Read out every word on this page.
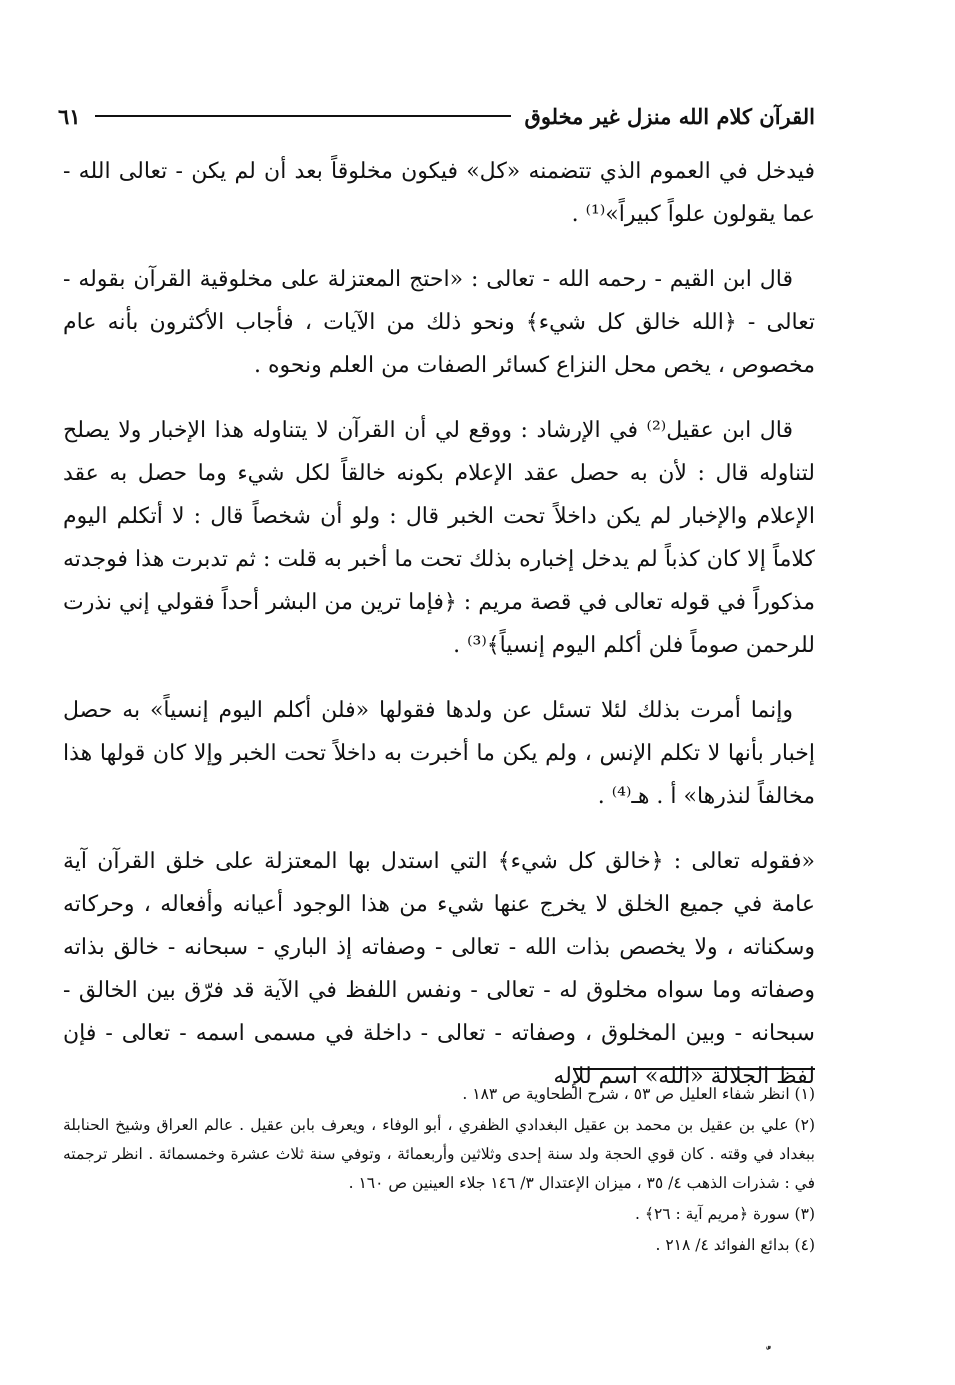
القرآن كلام الله منزل غير مخلوق
٦١

فيدخل في العموم الذي تتضمنه «كل» فيكون مخلوقاً بعد أن لم يكن - تعالى الله - عما يقولون علواً كبيراً»⁽¹⁾ .

قال ابن القيم - رحمه الله - تعالى : «احتج المعتزلة على مخلوقية القرآن بقوله - تعالى - ﴿الله خالق كل شيء﴾ ونحو ذلك من الآيات ، فأجاب الأكثرون بأنه عام مخصوص ، يخص محل النزاع كسائر الصفات من العلم ونحوه .

قال ابن عقيل⁽²⁾ في الإرشاد : ووقع لي أن القرآن لا يتناوله هذا الإخبار ولا يصلح لتناوله قال : لأن به حصل عقد الإعلام بكونه خالقاً لكل شيء وما حصل به عقد الإعلام والإخبار لم يكن داخلاً تحت الخبر قال : ولو أن شخصاً قال : لا أتكلم اليوم كلاماً إلا كان كذباً لم يدخل إخباره بذلك تحت ما أخبر به قلت : ثم تدبرت هذا فوجدته مذكوراً في قوله تعالى في قصة مريم : ﴿فإما ترين من البشر أحداً فقولي إني نذرت للرحمن صوماً فلن أكلم اليوم إنسياً﴾⁽³⁾ .

وإنما أمرت بذلك لئلا تسئل عن ولدها فقولها «فلن أكلم اليوم إنسياً» به حصل إخبار بأنها لا تكلم الإنس ، ولم يكن ما أخبرت به داخلاً تحت الخبر وإلا كان قولها هذا مخالفاً لنذرها» أ . هـ⁽⁴⁾ .

«فقوله تعالى : ﴿خالق كل شيء﴾ التي استدل بها المعتزلة على خلق القرآن آية عامة في جميع الخلق لا يخرج عنها شيء من هذا الوجود أعيانه وأفعاله ، وحركاته وسكناته ، ولا يخصص بذات الله - تعالى - وصفاته إذ الباري - سبحانه - خالق بذاته وصفاته وما سواه مخلوق له - تعالى - ونفس اللفظ في الآية قد فرّق بين الخالق - سبحانه - وبين المخلوق ، وصفاته - تعالى - داخلة في مسمى اسمه - تعالى - فإن لفظ الجلالة «الله» اسم للإله

(١) انظر شفاء العليل ص ٥٣ ، شرح الطحاوية ص ١٨٣ .

(٢) علي بن عقيل بن محمد بن عقيل البغدادي الظفري ، أبو الوفاء ، ويعرف بابن عقيل . عالم العراق وشيخ الحنابلة ببغداد في وقته . كان قوي الحجة ولد سنة إحدى وثلاثين وأربعمائة ، وتوفي سنة ثلاث عشرة وخمسمائة . انظر ترجمته في : شذرات الذهب ٤/ ٣٥ ، ميزان الإعتدال ٣/ ١٤٦ جلاء العينين ص ١٦٠ .

(٣) سورة ﴿مريم آية : ٢٦﴾ .

(٤) بدائع الفوائد ٤/ ٢١٨ .
